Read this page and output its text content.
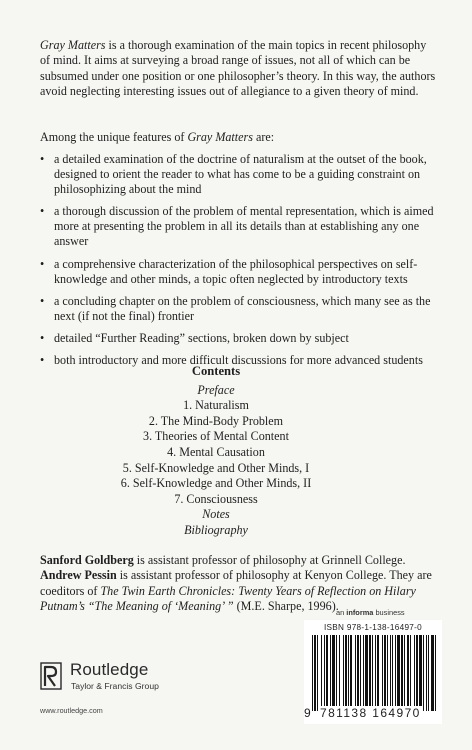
Gray Matters is a thorough examination of the main topics in recent philosophy of mind. It aims at surveying a broad range of issues, not all of which can be subsumed under one position or one philosopher’s theory. In this way, the authors avoid neglecting interesting issues out of allegiance to a given theory of mind.

Among the unique features of Gray Matters are:

• a detailed examination of the doctrine of naturalism at the outset of the book, designed to orient the reader to what has come to be a guiding constraint on philosophizing about the mind
• a thorough discussion of the problem of mental representation, which is aimed more at presenting the problem in all its details than at establishing any one answer
• a comprehensive characterization of the philosophical perspectives on self-knowledge and other minds, a topic often neglected by introductory texts
• a concluding chapter on the problem of consciousness, which many see as the next (if not the final) frontier
• detailed “Further Reading” sections, broken down by subject
• both introductory and more difficult discussions for more advanced students
Contents
Preface
1. Naturalism
2. The Mind-Body Problem
3. Theories of Mental Content
4. Mental Causation
5. Self-Knowledge and Other Minds, I
6. Self-Knowledge and Other Minds, II
7. Consciousness
Notes
Bibliography

Sanford Goldberg is assistant professor of philosophy at Grinnell College. Andrew Pessin is assistant professor of philosophy at Kenyon College. They are coeditors of The Twin Earth Chronicles: Twenty Years of Reflection on Hilary Putnam’s “The Meaning of ‘Meaning’ ” (M.E. Sharpe, 1996).

an informa business
Routledge
Taylor & Francis Group
www.routledge.com
ISBN 978-1-138-16497-0
9 781138 164970
